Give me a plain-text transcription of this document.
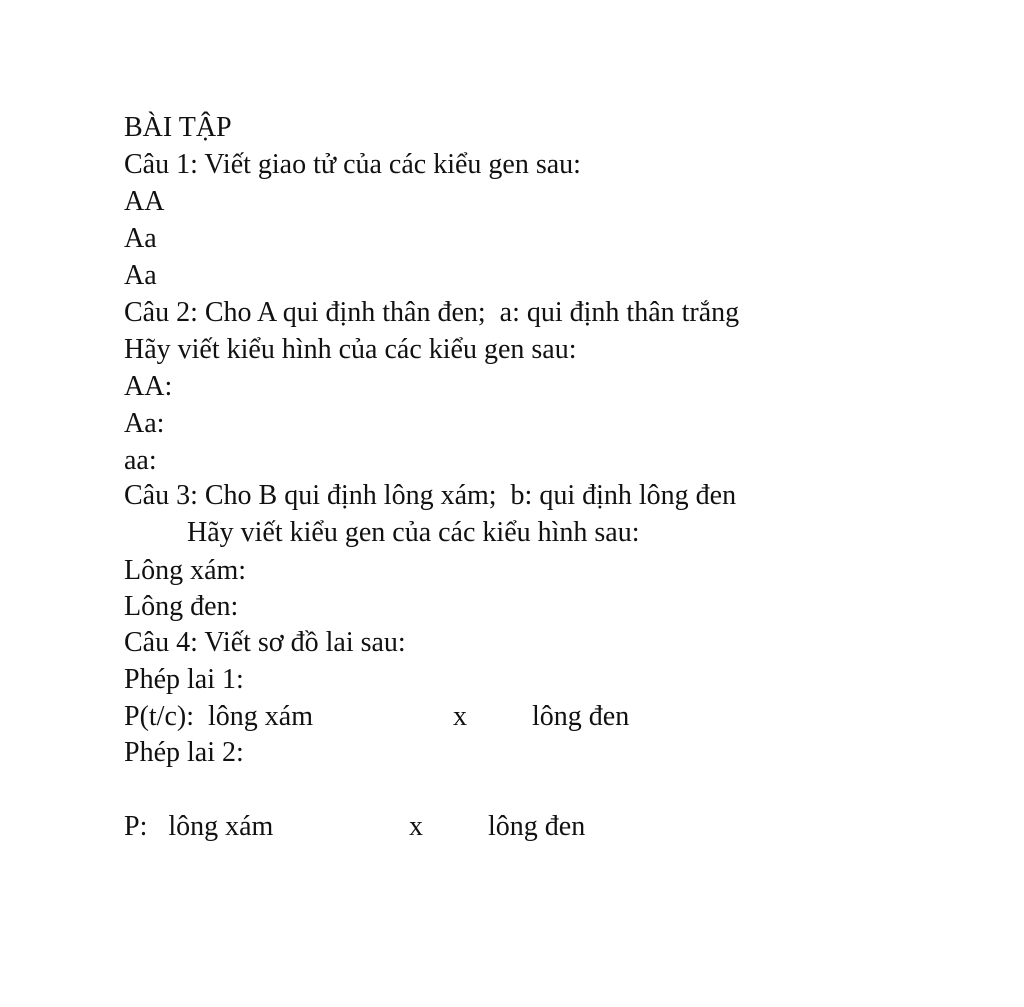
BÀI TẬP
Câu 1: Viết giao tử của các kiểu gen sau:
AA
Aa
Aa
Câu 2: Cho A qui định thân đen;  a: qui định thân trắng
Hãy viết kiểu hình của các kiểu gen sau:
AA:
Aa:
aa:
Câu 3: Cho B qui định lông xám;  b: qui định lông đen
Hãy viết kiểu gen của các kiểu hình sau:
Lông xám:
Lông đen:
Câu 4: Viết sơ đồ lai sau:
Phép lai 1:
P(t/c):  lông xám	x lông đen
Phép lai 2:
P:   lông xám	x lông đen
